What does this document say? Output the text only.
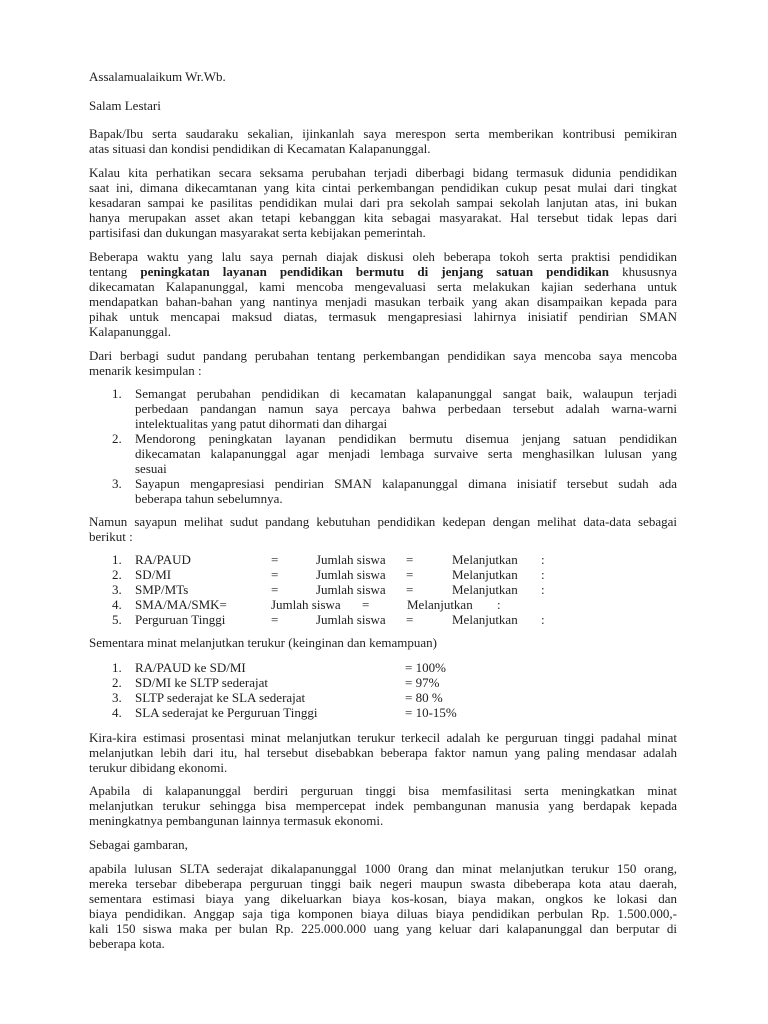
Assalamualaikum Wr.Wb.
Salam Lestari
Bapak/Ibu serta saudaraku sekalian, ijinkanlah saya merespon serta memberikan kontribusi pemikiran
atas situasi dan kondisi pendidikan di Kecamatan Kalapanunggal.
Kalau kita perhatikan secara seksama perubahan terjadi diberbagi bidang termasuk didunia pendidikan
saat ini, dimana dikecamtanan yang kita cintai perkembangan pendidikan cukup pesat mulai dari tingkat
kesadaran sampai ke pasilitas pendidikan mulai dari pra sekolah sampai sekolah lanjutan atas, ini bukan
hanya merupakan asset akan tetapi kebanggan kita sebagai masyarakat. Hal tersebut tidak lepas dari
partisifasi dan dukungan masyarakat serta kebijakan pemerintah.
Beberapa waktu yang lalu saya pernah diajak diskusi oleh beberapa tokoh serta praktisi pendidikan
tentang peningkatan layanan pendidikan bermutu di jenjang satuan pendidikan khususnya
dikecamatan Kalapanunggal, kami mencoba mengevaluasi serta melakukan kajian sederhana untuk
mendapatkan bahan-bahan yang nantinya menjadi masukan terbaik yang akan disampaikan kepada para
pihak untuk mencapai maksud diatas, termasuk mengapresiasi lahirnya inisiatif pendirian SMAN
Kalapanunggal.
Dari berbagi sudut pandang perubahan tentang perkembangan pendidikan saya mencoba saya mencoba
menarik kesimpulan :
1. Semangat perubahan pendidikan di kecamatan kalapanunggal sangat baik, walaupun terjadi
perbedaan pandangan namun saya percaya bahwa perbedaan tersebut adalah warna-warni
intelektualitas yang patut dihormati dan dihargai
2. Mendorong peningkatan layanan pendidikan bermutu disemua jenjang satuan pendidikan
dikecamatan kalapanunggal agar menjadi lembaga survaive serta menghasilkan lulusan yang
sesuai
3. Sayapun mengapresiasi pendirian SMAN kalapanunggal dimana inisiatif tersebut sudah ada
beberapa tahun sebelumnya.
Namun sayapun melihat sudut pandang kebutuhan pendidikan kedepan dengan melihat data-data sebagai
berikut :
1. RA/PAUD	=	Jumlah siswa =	Melanjutkan :
2. SD/MI	=	Jumlah siswa =	Melanjutkan :
3. SMP/MTs	=	Jumlah siswa =	Melanjutkan :
4. SMA/MA/SMK=	Jumlah siswa =	Melanjutkan :
5. Perguruan Tinggi	=	Jumlah siswa =	Melanjutkan :
Sementara minat melanjutkan terukur (keinginan dan kemampuan)
1. RA/PAUD ke SD/MI	= 100%
2. SD/MI ke SLTP sederajat	= 97%
3. SLTP sederajat ke SLA sederajat	= 80 %
4. SLA sederajat ke Perguruan Tinggi	= 10-15%
Kira-kira estimasi prosentasi minat melanjutkan terukur terkecil adalah ke perguruan tinggi padahal minat
melanjutkan lebih dari itu, hal tersebut disebabkan beberapa faktor namun yang paling mendasar adalah
terukur dibidang ekonomi.
Apabila di kalapanunggal berdiri perguruan tinggi bisa memfasilitasi serta meningkatkan minat
melanjutkan terukur sehingga bisa mempercepat indek pembangunan manusia yang berdapak kepada
meningkatnya pembangunan lainnya termasuk ekonomi.
Sebagai gambaran,
apabila lulusan SLTA sederajat dikalapanunggal 1000 0rang dan minat melanjutkan terukur 150 orang,
mereka tersebar dibeberapa perguruan tinggi baik negeri maupun swasta dibeberapa kota atau daerah,
sementara estimasi biaya yang dikeluarkan biaya kos-kosan, biaya makan, ongkos ke lokasi dan
biaya pendidikan. Anggap saja tiga komponen biaya diluas biaya pendidikan perbulan Rp. 1.500.000,-
kali 150 siswa maka per bulan Rp. 225.000.000 uang yang keluar dari kalapanunggal dan berputar di
beberapa kota.
